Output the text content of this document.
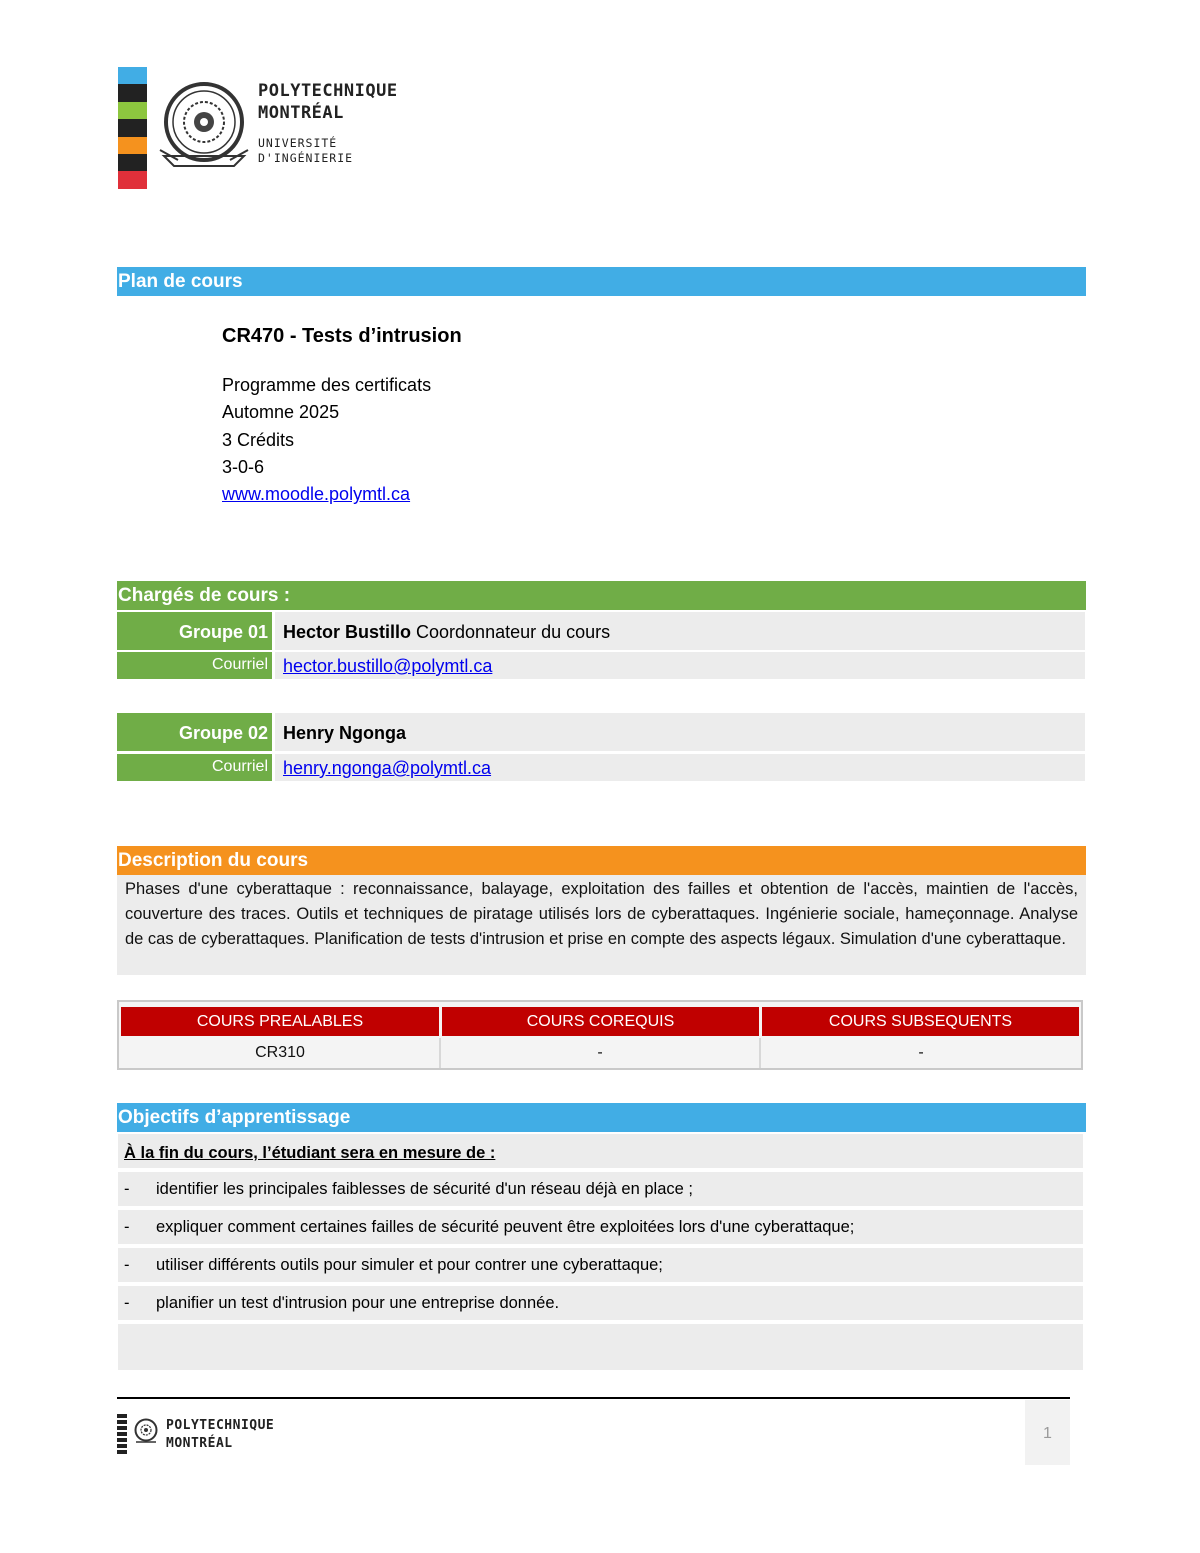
POLYTECHNIQUE
MONTRÉAL
UNIVERSITÉ
D'INGÉNIERIE
Plan de cours
CR470 - Tests d’intrusion
Programme des certificats
Automne 2025
3 Crédits
3-0-6
www.moodle.polymtl.ca
Chargés de cours :
Groupe 01 Hector Bustillo Coordonnateur du cours
Courriel hector.bustillo@polymtl.ca
Groupe 02 Henry Ngonga
Courriel henry.ngonga@polymtl.ca
Description du cours
Phases d'une cyberattaque : reconnaissance, balayage, exploitation des failles et obtention de l'accès, maintien de l'accès, couverture des traces. Outils et techniques de piratage utilisés lors de cyberattaques. Ingénierie sociale, hameçonnage. Analyse de cas de cyberattaques. Planification de tests d'intrusion et prise en compte des aspects légaux. Simulation d'une cyberattaque.
COURS PREALABLES	COURS COREQUIS	COURS SUBSEQUENTS
CR310	-	-
Objectifs d’apprentissage
À la fin du cours, l’étudiant sera en mesure de :
- identifier les principales faiblesses de sécurité d'un réseau déjà en place ;
- expliquer comment certaines failles de sécurité peuvent être exploitées lors d'une cyberattaque;
- utiliser différents outils pour simuler et pour contrer une cyberattaque;
- planifier un test d'intrusion pour une entreprise donnée.
POLYTECHNIQUE
MONTRÉAL
1
